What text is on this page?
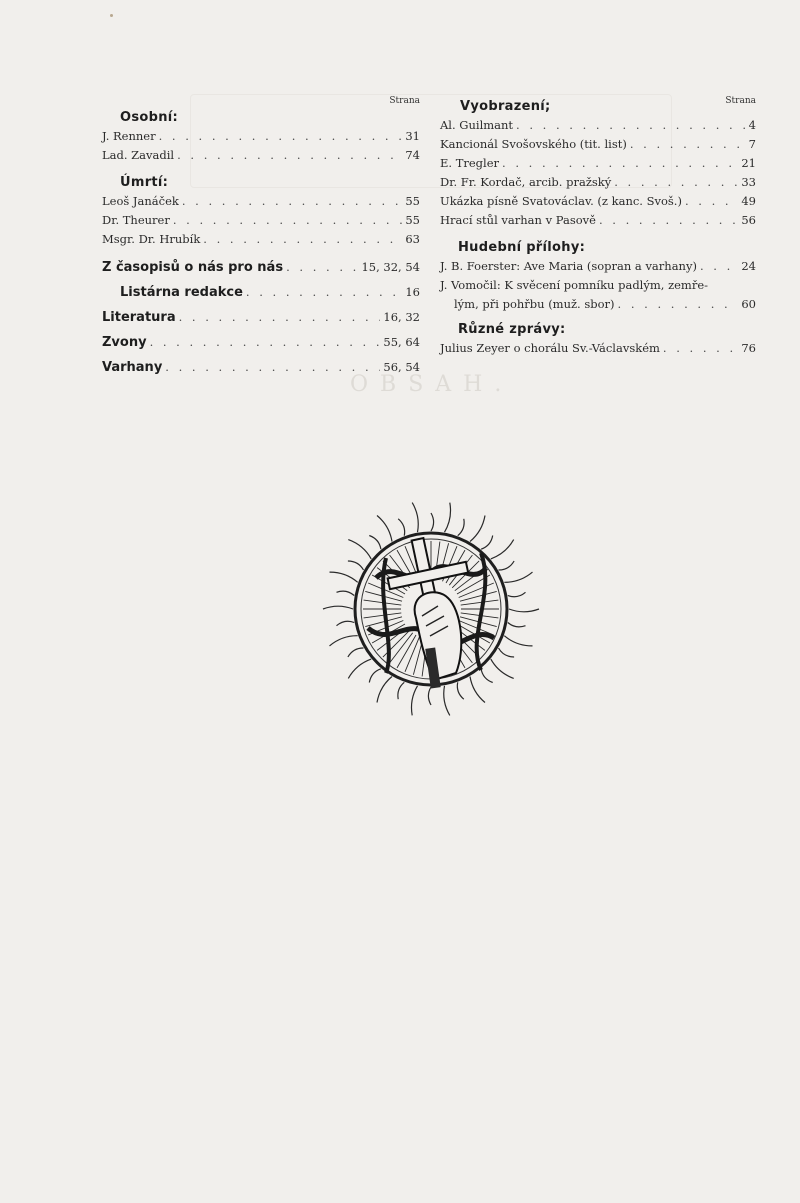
OBSAH.
Strana
Osobní:
J. Renner . . .	31
Lad. Zavadil . . .	74
Úmrtí:
Leoš Janáček . . .	55
Dr. Theurer . . .	55
Msgr. Dr. Hrubík . . .	63
Z časopisů o nás pro nás . . .	15, 32, 54
Listárna redakce . . .	16
Literatura . . .	16, 32
Zvony . . .	55, 64
Varhany . . .	56, 54
Strana
Vyobrazení;
Al. Guilmant . . .	4
Kancionál Svošovského (tit. list) . . .	7
E. Tregler . . .	21
Dr. Fr. Kordač, arcib. pražský . . .	33
Ukázka písně Svatováclav. (z kanc. Svoš.) . . .	49
Hrací stůl varhan v Pasově . . .	56
Hudební přílohy:
J. B. Foerster: Ave Maria (sopran a varhany) . . .	24
J. Vomočil: K svěcení pomníku padlým, zemře-
lým, při pohřbu (muž. sbor) . . .	60
Různé zprávy:
Julius Zeyer o chorálu Sv.-Václavském . . .	76
